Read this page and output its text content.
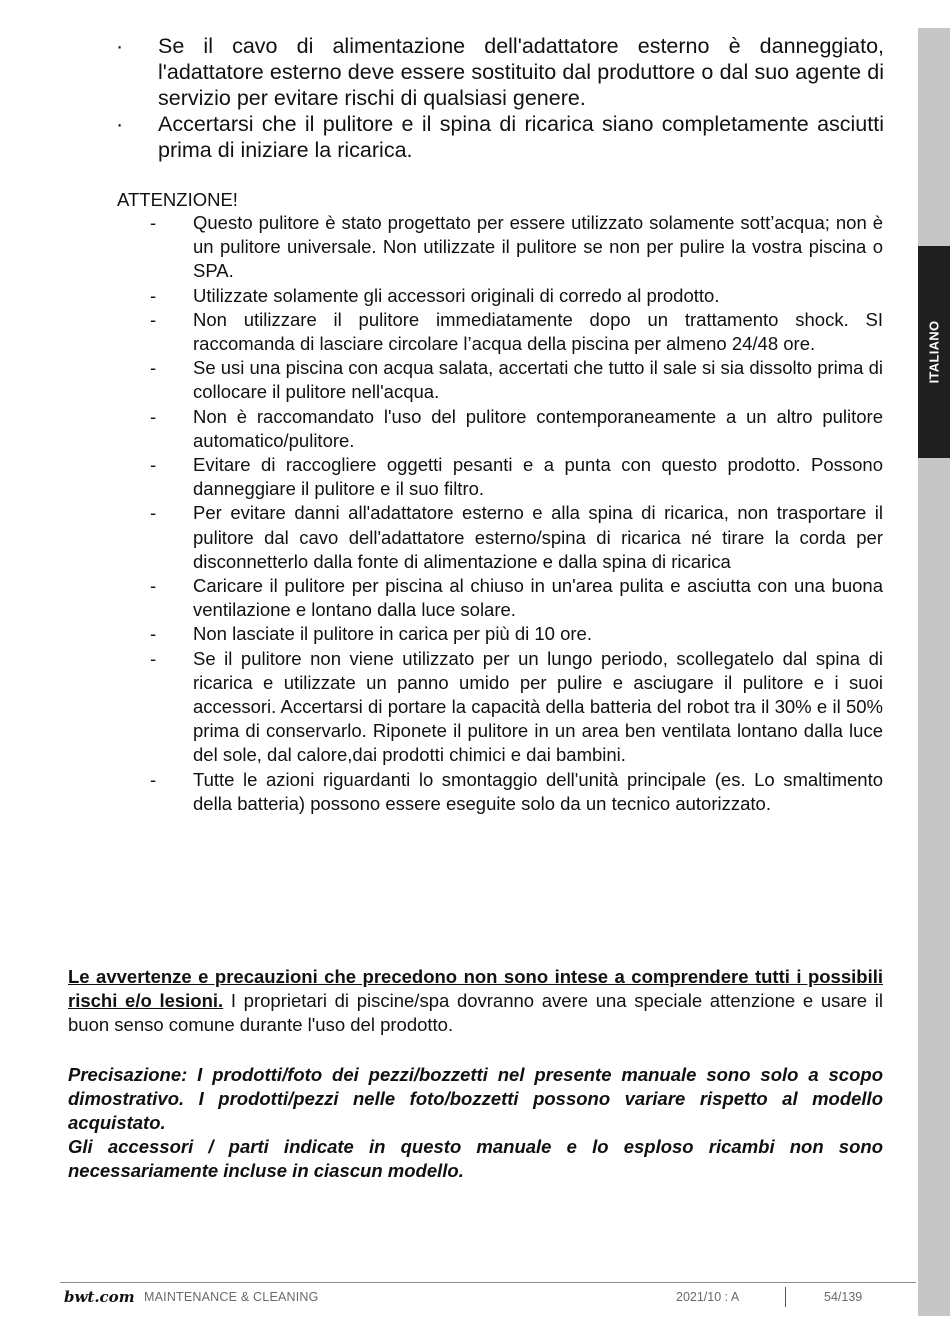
ITALIANO
·	Se il cavo di alimentazione dell'adattatore esterno è danneggiato, l'adattatore esterno deve essere sostituito dal produttore o dal suo agente di servizio per evitare rischi di qualsiasi genere.
·	Accertarsi che il pulitore e il spina di ricarica siano completamente asciutti prima di iniziare la ricarica.
ATTENZIONE!
-	Questo pulitore è stato progettato per essere utilizzato solamente sott’acqua; non è un pulitore universale. Non utilizzate il pulitore se non per pulire la vostra piscina o SPA.
-	Utilizzate solamente gli accessori originali di corredo al prodotto.
-	Non utilizzare il pulitore immediatamente dopo un trattamento shock. SI raccomanda di lasciare circolare l’acqua della piscina per almeno 24/48 ore.
-	Se usi una piscina con acqua salata, accertati che tutto il sale si sia dissolto prima di collocare il pulitore nell'acqua.
-	Non è raccomandato l'uso del pulitore contemporaneamente a un altro pulitore automatico/pulitore.
-	Evitare di raccogliere oggetti pesanti e a punta con questo prodotto. Possono danneggiare il pulitore e il suo filtro.
-	Per evitare danni all'adattatore esterno e alla spina di ricarica, non trasportare il pulitore dal cavo dell'adattatore esterno/spina di ricarica né tirare la corda per disconnetterlo dalla fonte di alimentazione e dalla spina di ricarica
-	Caricare il pulitore per piscina al chiuso in un'area pulita e asciutta con una buona ventilazione e lontano dalla luce solare.
-	Non lasciate il pulitore in carica per più di 10 ore.
-	Se il pulitore non viene utilizzato per un lungo periodo, scollegatelo dal spina di ricarica e utilizzate un panno umido per pulire e asciugare il pulitore e i suoi accessori. Accertarsi di portare la capacità della batteria del robot tra il 30% e il 50% prima di conservarlo. Riponete il pulitore in un area ben ventilata lontano dalla luce del sole, dal calore,dai prodotti chimici e dai bambini.
-	Tutte le azioni riguardanti lo smontaggio dell'unità principale (es. Lo smaltimento della batteria) possono essere eseguite solo da un tecnico autorizzato.
Le avvertenze e precauzioni che precedono non sono intese a comprendere tutti i possibili rischi e/o lesioni. I proprietari di piscine/spa dovranno avere una speciale attenzione e usare il buon senso comune durante l'uso del prodotto.

Precisazione: I prodotti/foto dei pezzi/bozzetti nel presente manuale sono solo a scopo dimostrativo. I prodotti/pezzi nelle foto/bozzetti possono variare rispetto al modello acquistato.

Gli accessori / parti indicate in questo manuale e lo esploso ricambi non sono necessariamente incluse in ciascun modello.

bwt.com MAINTENANCE & CLEANING	2021/10 : A	54/139
